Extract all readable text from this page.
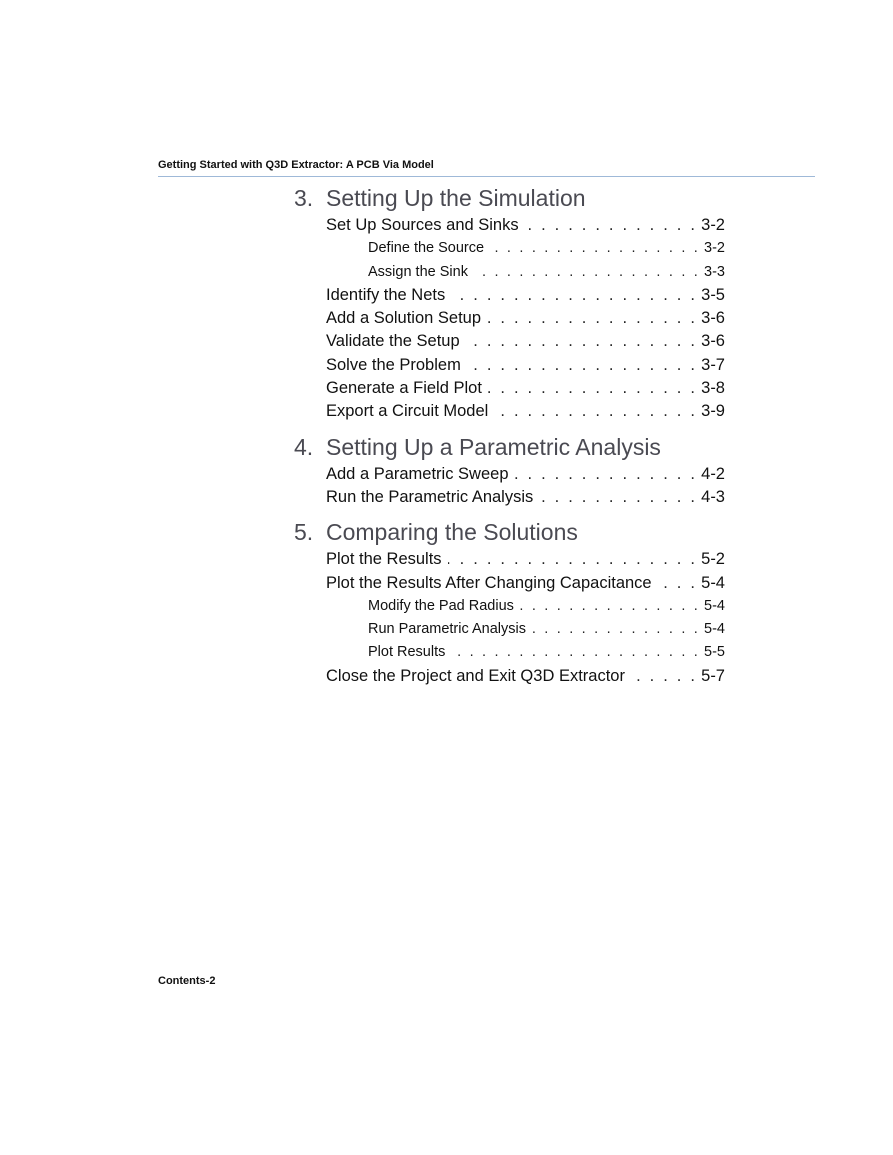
Getting Started with Q3D Extractor: A PCB Via Model
3. Setting Up the Simulation
Set Up Sources and Sinks . . .	3-2
Define the Source . . .	3-2
Assign the Sink . . .	3-3
Identify the Nets . . .	3-5
Add a Solution Setup . . .	3-6
Validate the Setup . . .	3-6
Solve the Problem . . .	3-7
Generate a Field Plot . . .	3-8
Export a Circuit Model . . .	3-9
4. Setting Up a Parametric Analysis
Add a Parametric Sweep . . .	4-2
Run the Parametric Analysis . . .	4-3
5. Comparing the Solutions
Plot the Results . . .	5-2
Plot the Results After Changing Capacitance . . .	5-4
Modify the Pad Radius . . .	5-4
Run Parametric Analysis . . .	5-4
Plot Results . . .	5-5
Close the Project and Exit Q3D Extractor . . .	5-7
Contents-2
